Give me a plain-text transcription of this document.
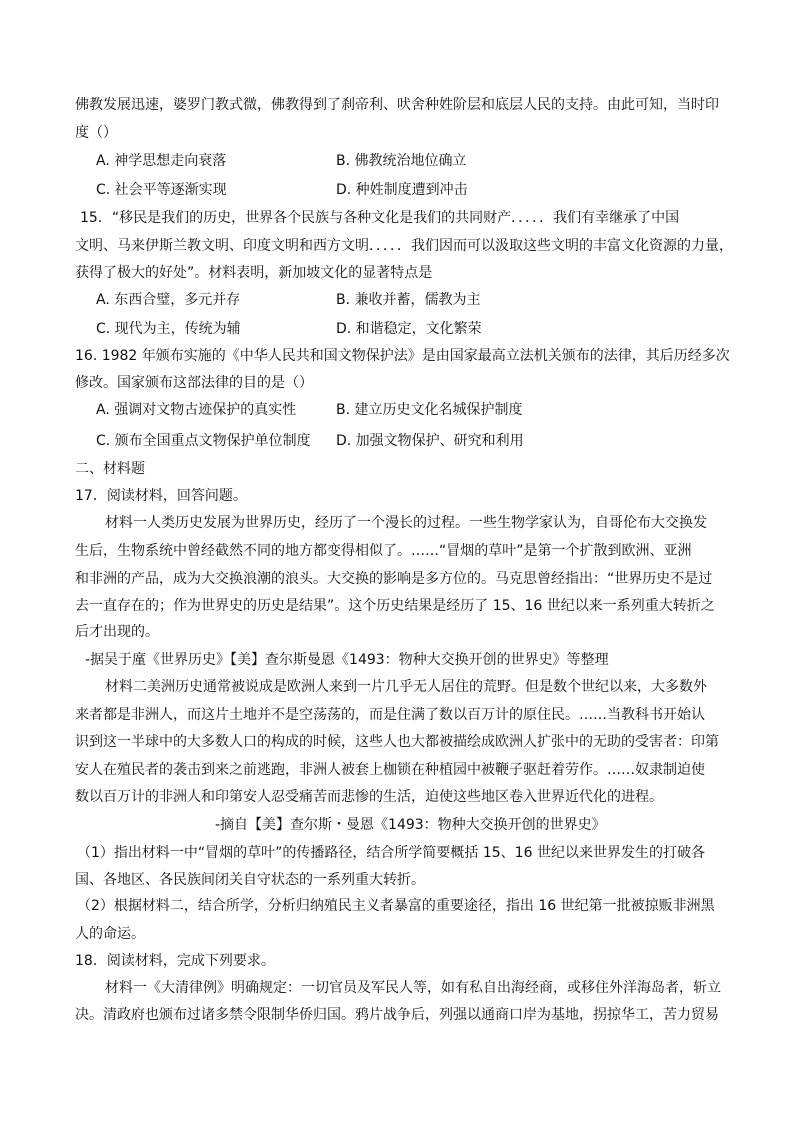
佛教发展迅速，婆罗门教式微，佛教得到了刹帝利、吠舍种姓阶层和底层人民的支持。由此可知，当时印
度（）
A. 神学思想走向衰落	B. 佛教统治地位确立
C. 社会平等逐渐实现	D. 种姓制度遭到冲击
15．“移民是我们的历史，世界各个民族与各种文化是我们的共同财产．．．．．我们有幸继承了中国
文明、马来伊斯兰教文明、印度文明和西方文明．．．．．我们因而可以汲取这些文明的丰富文化资源的力量，
获得了极大的好处”。材料表明，新加坡文化的显著特点是
A. 东西合璧，多元并存	B. 兼收并蓄，儒教为主
C. 现代为主，传统为辅	D. 和谐稳定，文化繁荣
16. 1982 年颁布实施的《中华人民共和国文物保护法》是由国家最高立法机关颁布的法律，其后历经多次
修改。国家颁布这部法律的目的是（）
A. 强调对文物古迹保护的真实性	B. 建立历史文化名城保护制度
C. 颁布全国重点文物保护单位制度 D. 加强文物保护、研究和利用
二、材料题
17．阅读材料，回答问题。
材料一人类历史发展为世界历史，经历了一个漫长的过程。一些生物学家认为，自哥伦布大交换发
生后，生物系统中曾经截然不同的地方都变得相似了。……“冒烟的草叶”是第一个扩散到欧洲、亚洲
和非洲的产品，成为大交换浪潮的浪头。大交换的影响是多方位的。马克思曾经指出：“世界历史不是过
去一直存在的；作为世界史的历史是结果”。这个历史结果是经历了 15、16 世纪以来一系列重大转折之
后才出现的。
-据吴于廑《世界历史》【美】查尔斯曼恩《1493：物种大交换开创的世界史》等整理
材料二美洲历史通常被说成是欧洲人来到一片几乎无人居住的荒野。但是数个世纪以来，大多数外
来者都是非洲人，而这片土地并不是空荡荡的，而是住满了数以百万计的原住民。……当教科书开始认
识到这一半球中的大多数人口的构成的时候，这些人也大都被描绘成欧洲人扩张中的无助的受害者：印第
安人在殖民者的袭击到来之前逃跑，非洲人被套上枷锁在种植园中被鞭子驱赶着劳作。……奴隶制迫使
数以百万计的非洲人和印第安人忍受痛苦而悲惨的生活，迫使这些地区卷入世界近代化的进程。
-摘自【美】查尔斯・曼恩《1493：物种大交换开创的世界史》
（1）指出材料一中“冒烟的草叶”的传播路径，结合所学简要概括 15、16 世纪以来世界发生的打破各
国、各地区、各民族间闭关自守状态的一系列重大转折。
（2）根据材料二，结合所学，分析归纳殖民主义者暴富的重要途径，指出 16 世纪第一批被掠贩非洲黑
人的命运。
18．阅读材料，完成下列要求。
材料一《大清律例》明确规定：一切官员及军民人等，如有私自出海经商，或移住外洋海岛者，斩立
决。清政府也颁布过诸多禁令限制华侨归国。鸦片战争后，列强以通商口岸为基地，拐掠华工，苦力贸易
